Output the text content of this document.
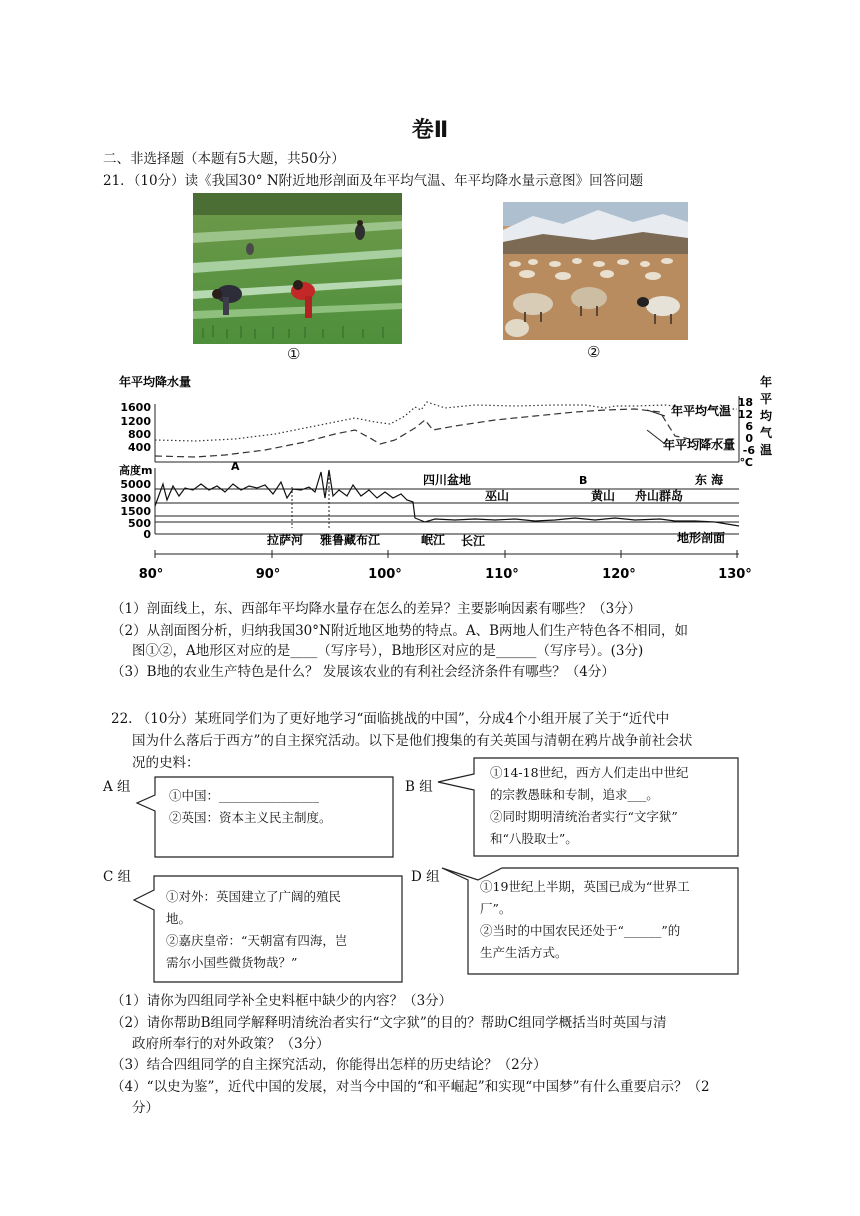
卷Ⅱ
二、非选择题（本题有5大题，共50分）
21．（10分）读《我国30° N附近地形剖面及年平均气温、年平均降水量示意图》回答问题
①	②
年平均降水量
1600
1200
800
400
年平均气温
年平均降水量
18
12
6
0
-6
℃
年
平
均
气
温
高度m
5000
3000
1500
500
0
A
B
四川盆地
巫山	黄山 舟山群岛
东 海
拉萨河 雅鲁藏布江	岷江 长江	地形剖面
80°	90°	100°	110°	120°	130°
（1）剖面线上，东、西部年平均降水量存在怎么的差异？主要影响因素有哪些？（3分）
（2）从剖面图分析，归纳我国30°N附近地区地势的特点。A、B两地人们生产特色各不相同，如
图①②，A地形区对应的是____（写序号），B地形区对应的是______（写序号）。(3分)
（3）B地的农业生产特色是什么？ 发展该农业的有利社会经济条件有哪些？（4分）
22. （10分）某班同学们为了更好地学习“面临挑战的中国”，分成4个小组开展了关于“近代中
国为什么落后于西方”的自主探究活动。以下是他们搜集的有关英国与清朝在鸦片战争前社会状
况的史料：
A 组
①中国：________________
②英国：资本主义民主制度。
B 组
①14-18世纪，西方人们走出中世纪
的宗教愚昧和专制，追求___。
②同时期明清统治者实行“文字狱”
和“八股取士”。
C 组
①对外：英国建立了广阔的殖民
地。
②嘉庆皇帝：“天朝富有四海，岂
需尔小国些微货物哉？”
D 组
①19世纪上半期，英国已成为“世界工
厂”。
②当时的中国农民还处于“______”的
生产生活方式。
（1）请你为四组同学补全史料框中缺少的内容？（3分）
（2）请你帮助B组同学解释明清统治者实行“文字狱”的目的？帮助C组同学概括当时英国与清
政府所奉行的对外政策？（3分）
（3）结合四组同学的自主探究活动，你能得出怎样的历史结论？（2分）
（4）“以史为鉴”，近代中国的发展，对当今中国的“和平崛起”和实现“中国梦”有什么重要启示？（2
分）
